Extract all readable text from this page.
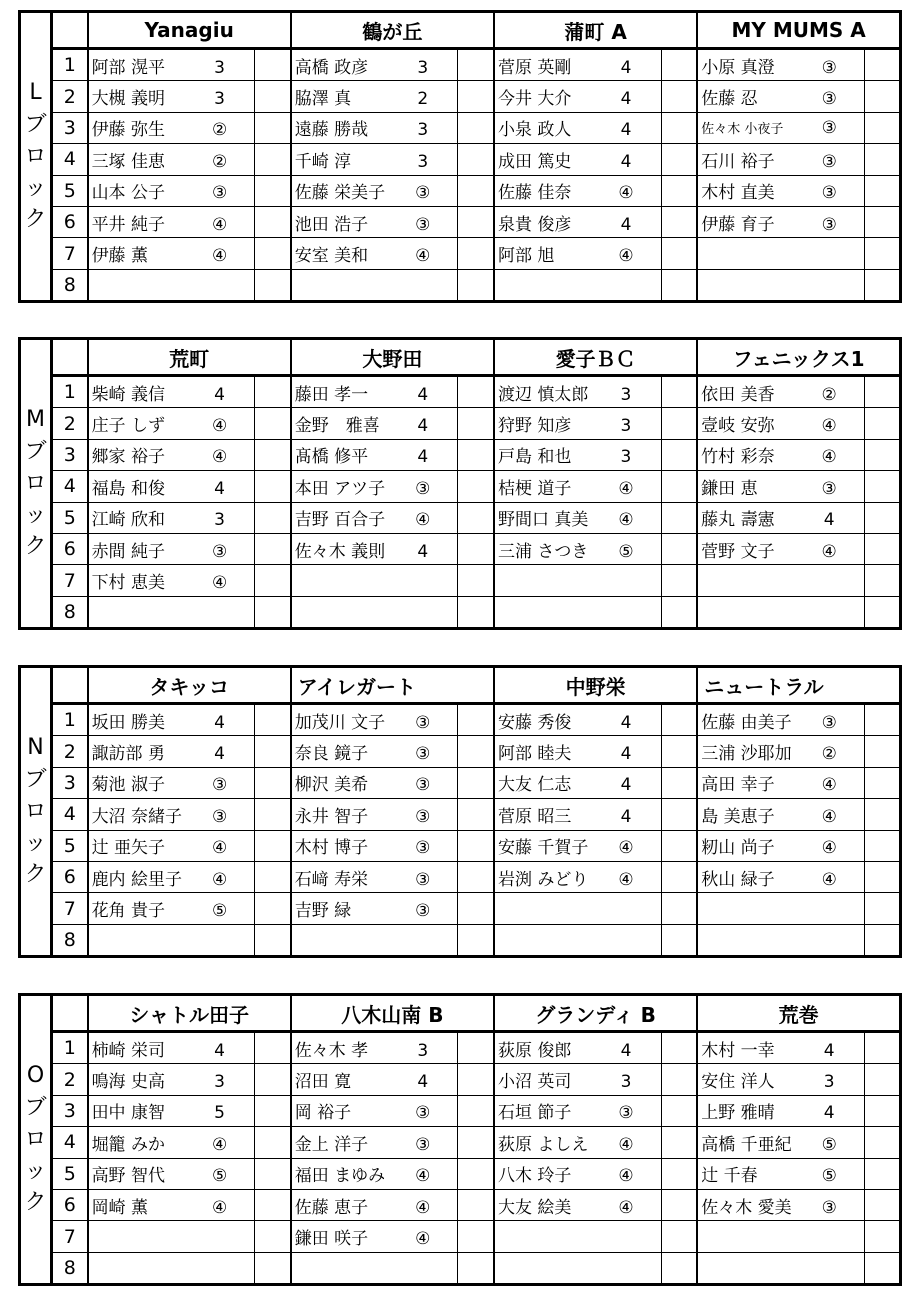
L
ブ
ロ
ッ
ク		Yanagiu		鶴が丘		蒲町 A		MY MUMS A	
	1	阿部 滉平 3		高橋 政彦 3		菅原 英剛 4		小原 真澄 ③	
	2	大槻 義明 3		脇澤 真 2		今井 大介 4		佐藤 忍 ③	
	3	伊藤 弥生 ②		遠藤 勝哉 3		小泉 政人 4		佐々木 小夜子 ③	
	4	三塚 佳恵 ②		千崎 淳 3		成田 篤史 4		石川 裕子 ③	
	5	山本 公子 ③		佐藤 栄美子 ③		佐藤 佳奈 ④		木村 直美 ③	
	6	平井 純子 ④		池田 浩子 ③		泉貴 俊彦 4		伊藤 育子 ③	
	7	伊藤 薫 ④		安室 美和 ④		阿部 旭 ④			
	8								
M
ブ
ロ
ッ
ク		荒町		大野田		愛子ＢＣ		フェニックス1	
	1	柴崎 義信 4		藤田 孝一 4		渡辺 慎太郎 3		依田 美香 ②	
	2	庄子 しず ④		金野　雅喜 4		狩野 知彦 3		壹岐 安弥 ④	
	3	郷家 裕子 ④		髙橋 修平 4		戸島 和也 3		竹村 彩奈 ④	
	4	福島 和俊 4		本田 アツ子 ③		桔梗 道子 ④		鎌田 恵 ③	
	5	江崎 欣和 3		吉野 百合子 ④		野間口 真美 ④		藤丸 壽憲 4	
	6	赤間 純子 ③		佐々木 義則 4		三浦 さつき ⑤		菅野 文子 ④	
	7	下村 恵美 ④							
	8								
N
ブ
ロ
ッ
ク		タキッコ		アイレガート		中野栄		ニュートラル	
	1	坂田 勝美 4		加茂川 文子 ③		安藤 秀俊 4		佐藤 由美子 ③	
	2	諏訪部 勇 4		奈良 鏡子 ③		阿部 睦夫 4		三浦 沙耶加 ②	
	3	菊池 淑子 ③		柳沢 美希 ③		大友 仁志 4		高田 幸子 ④	
	4	大沼 奈緒子 ③		永井 智子 ③		菅原 昭三 4		島 美恵子 ④	
	5	辻 亜矢子 ④		木村 博子 ③		安藤 千賀子 ④		籾山 尚子 ④	
	6	鹿内 絵里子 ④		石﨑 寿栄 ③		岩渕 みどり ④		秋山 緑子 ④	
	7	花角 貴子 ⑤		吉野 緑 ③					
	8								
O
ブ
ロ
ッ
ク		シャトル田子		八木山南 B		グランディ B		荒巻	
	1	柿崎 栄司 4		佐々木 孝 3		荻原 俊郎 4		木村 一幸 4	
	2	鳴海 史高 3		沼田 寛 4		小沼 英司 3		安住 洋人 3	
	3	田中 康智 5		岡 裕子 ③		石垣 節子 ③		上野 雅晴 4	
	4	堀籠 みか ④		金上 洋子 ③		荻原 よしえ ④		高橋 千亜紀 ⑤	
	5	高野 智代 ⑤		福田 まゆみ ④		八木 玲子 ④		辻 千春 ⑤	
	6	岡崎 薫 ④		佐藤 恵子 ④		大友 絵美 ④		佐々木 愛美 ③	
	7			鎌田 咲子 ④					
	8								
